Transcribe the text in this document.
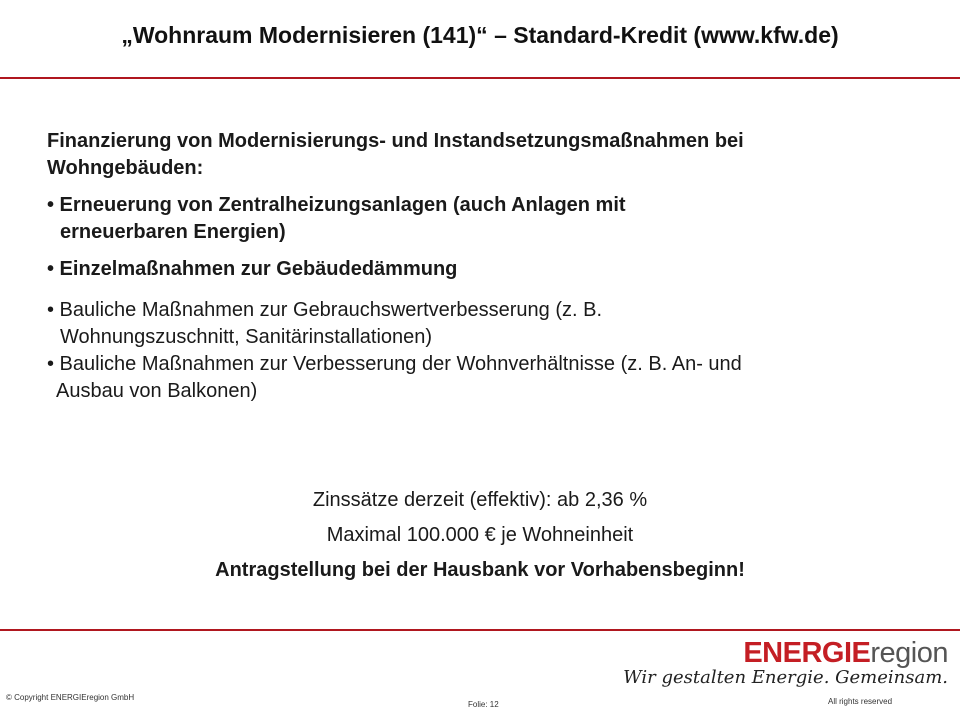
„Wohnraum Modernisieren (141)“ – Standard-Kredit (www.kfw.de)
Finanzierung von Modernisierungs- und Instandsetzungsmaßnahmen bei
Wohngebäuden:
• Erneuerung von Zentralheizungsanlagen (auch Anlagen mit
erneuerbaren Energien)
• Einzelmaßnahmen zur Gebäudedämmung
• Bauliche Maßnahmen zur Gebrauchswertverbesserung (z. B.
Wohnungszuschnitt, Sanitärinstallationen)
• Bauliche Maßnahmen zur Verbesserung der Wohnverhältnisse (z. B. An- und
Ausbau von Balkonen)
Zinssätze derzeit (effektiv): ab 2,36 %
Maximal 100.000 € je Wohneinheit
Antragstellung bei der Hausbank vor Vorhabensbeginn!
ENERGIEregion
Wir gestalten Energie. Gemeinsam.
© Copyright ENERGIEregion GmbH
Folie: 12	All rights reserved
